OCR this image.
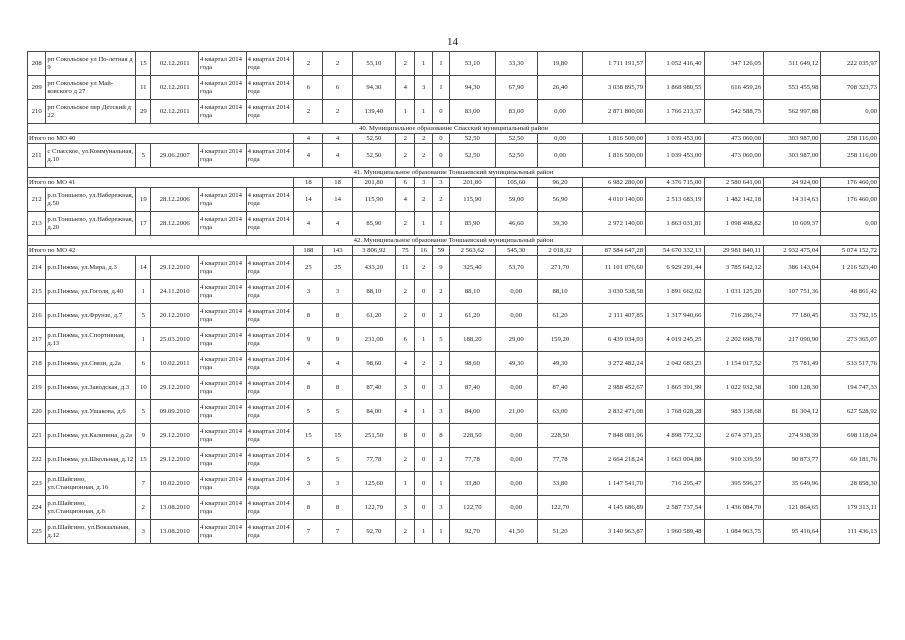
14
208	рп Сокольское ул По-летная д 9	15	02.12.2011	4 квартал 2014 года	4 квартал 2014 года	2	2	53,10	2	1	1	53,10	33,30	19,80	1 711 191,57	1 052 416,40	347 126,05	311 649,12	222 035,97
209	рп Сокольское ул Май-ковского д 27	11	02.12.2011	4 квартал 2014 года	4 квартал 2014 года	6	6	94,30	4	3	1	94,30	67,90	26,40	3 038 895,79	1 868 980,55	616 459,26	553 455,98	708 323,73
210	рп Сокольское пер Детский д 22	29	02.12.2011	4 квартал 2014 года	4 квартал 2014 года	2	2	139,40	1	1	0	83,00	83,00	0,00	2 871 800,00	1 766 213,37	542 588,75	562 997,88	0,00
40. Муниципальное образование Спасский муниципальный район																			
Итого по МО 40						4	4	52,50	2	2	0	52,50	52,50	0,00	1 816 500,00	1 039 453,00	473 060,00	303 987,00	258 116,00
211	с Спасское, ул.Коммунальная, д.10	5	29.06.2007	4 квартал 2014 года	4 квартал 2014 года	4	4	52,50	2	2	0	52,50	52,50	0,00	1 816 500,00	1 039 453,00	473 060,00	303 987,00	258 116,00
41. Муниципальное образование Тоншаевский муниципальный район																			
Итого по МО 41						18	18	201,80	6	3	3	201,80	105,60	96,20	6 982 280,00	4 376 715,00	2 580 641,00	24 924,00	176 460,00
212	р.п.Тоншаево, ул.Набережная, д.50	19	28.12.2006	4 квартал 2014 года	4 квартал 2014 года	14	14	115,90	4	2	2	115,90	59,00	56,90	4 010 140,00	2 513 683,19	1 482 142,18	14 314,63	176 460,00
213	р.п.Тоншаево, ул.Набережная, д.20	17	28.12.2006	4 квартал 2014 года	4 квартал 2014 года	4	4	85,90	2	1	1	85,90	46,60	39,30	2 972 140,00	1 863 031,81	1 098 498,82	10 609,37	0,00
42. Муниципальное образование Тоншаевский муниципальный район																			
Итого по МО 42						188	143	3 806,92	75	16	59	2 563,62	545,30	2 018,32	87 584 647,28	54 670 332,13	29 981 840,11	2 932 475,04	5 074 152,72
214	р.п.Пижма, ул.Мира, д.3	14	29.12.2010	4 квартал 2014 года	4 квартал 2014 года	25	25	433,20	11	2	9	325,40	53,70	271,70	11 101 076,60	6 929 291,44	3 785 642,12	386 143,04	1 216 523,40
215	р.п.Пижма, ул.Гоголя, д.40	1	24.11.2010	4 квартал 2014 года	4 квартал 2014 года	3	3	88,10	2	0	2	88,10	0,00	88,10	3 030 538,58	1 891 662,02	1 031 125,20	107 751,36	48 861,42
216	р.п.Пижма, ул.Фрунзе, д.7	5	20.12.2010	4 квартал 2014 года	4 квартал 2014 года	8	8	61,20	2	0	2	61,20	0,00	61,20	2 111 407,85	1 317 940,66	716 286,74	77 180,45	33 792,15
217	р.п.Пижма, ул.Спортивная, д.13	1	25.03.2010	4 квартал 2014 года	4 квартал 2014 года	9	9	231,00	6	1	5	188,20	29,00	159,20	6 439 034,93	4 019 245,25	2 202 698,78	217 090,90	273 365,07
218	р.п.Пижма, ул.Связи, д.2а	6	10.02.2011	4 квартал 2014 года	4 квартал 2014 года	4	4	98,60	4	2	2	98,60	49,30	49,30	3 272 482,24	2 042 683,23	1 154 017,52	75 781,49	533 517,76
219	р.п.Пижма, ул.Заводская, д.3	10	29.12.2010	4 квартал 2014 года	4 квартал 2014 года	8	8	87,40	3	0	3	87,40	0,00	87,40	2 988 452,67	1 865 391,99	1 022 932,38	100 128,30	194 747,33
220	р.п.Пижма, ул.Ушакова, д.6	5	09.09.2010	4 квартал 2014 года	4 квартал 2014 года	5	5	84,00	4	1	3	84,00	21,00	63,00	2 832 471,08	1 768 028,28	983 138,68	81 304,12	627 528,92
221	р.п.Пижма, ул.Калинина, д.2а	9	29.12.2010	4 квартал 2014 года	4 квартал 2014 года	15	15	251,50	8	0	8	228,50	0,00	228,50	7 848 081,96	4 898 772,32	2 674 371,25	274 938,39	698 118,04
222	р.п.Пижма, ул.Школьная, д.12	15	29.12.2010	4 квартал 2014 года	4 квартал 2014 года	5	5	77,78	2	0	2	77,78	0,00	77,78	2 664 218,24	1 663 004,88	910 339,59	90 873,77	69 181,76
223	р.п.Шайгино, ул.Станционная, д.16	7	10.02.2010	4 квартал 2014 года	4 квартал 2014 года	3	3	125,60	1	0	1	33,80	0,00	33,80	1 147 541,70	716 295,47	395 596,27	35 649,96	28 858,30
224	р.п.Шайгино, ул.Станционная, д.6	2	13.08.2010	4 квартал 2014 года	4 квартал 2014 года	8	8	122,70	3	0	3	122,70	0,00	122,70	4 145 686,89	2 587 737,54	1 436 084,70	121 864,65	179 313,11
225	р.п.Шайгино, ул.Вокзальная, д.12	3	13.08.2010	4 квартал 2014 года	4 квартал 2014 года	7	7	92,70	2	1	1	92,70	41,50	51,20	3 140 963,87	1 960 589,48	1 084 963,75	95 410,64	111 436,13
